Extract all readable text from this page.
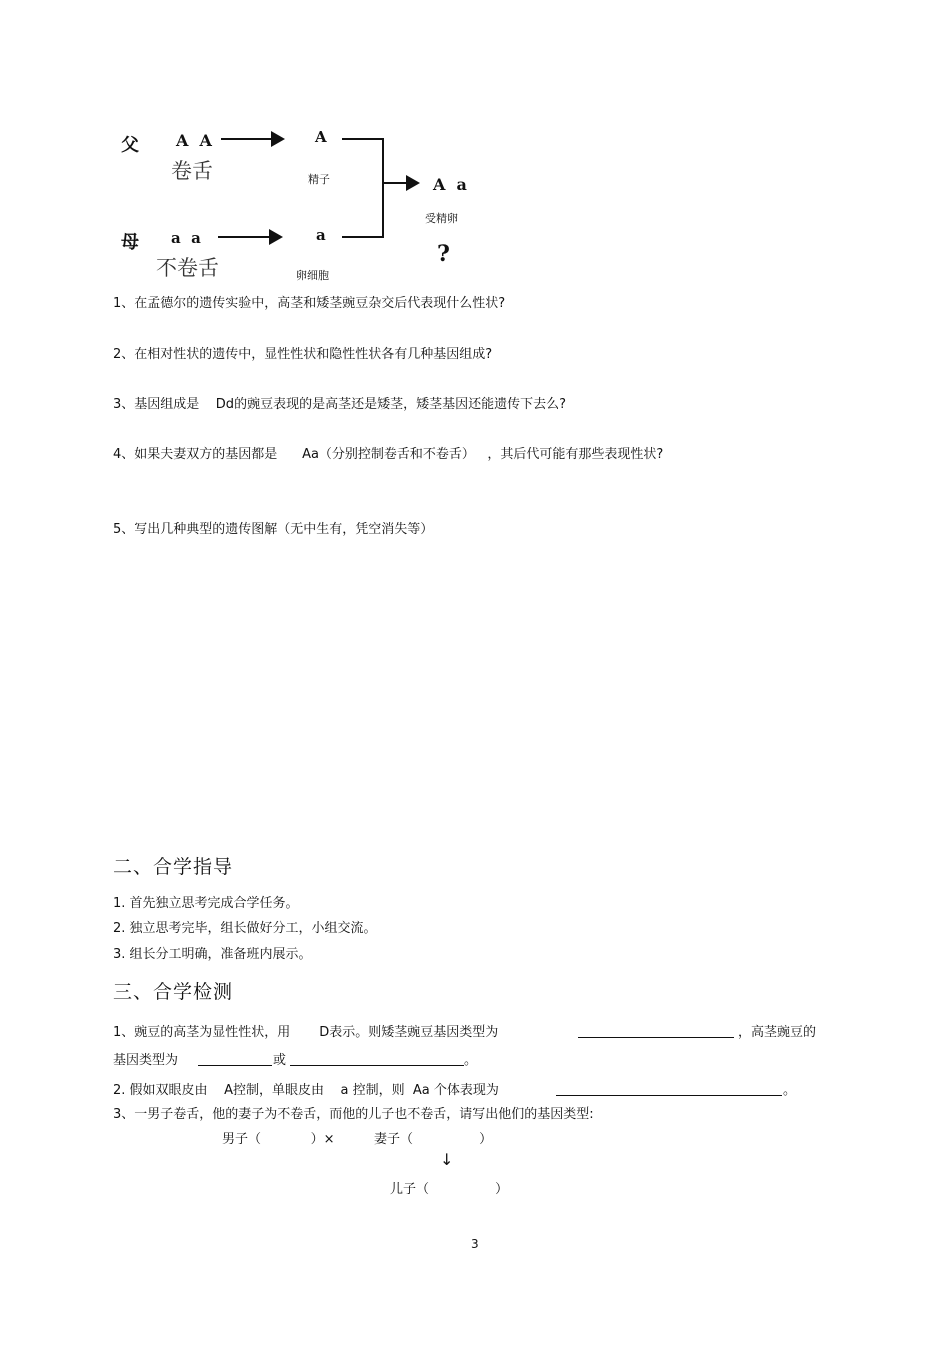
父 A  A
卷舌
母 a  a
不卷舌
A
精子
a
卵细胞
A  a
受精卵
?
1、在孟德尔的遗传实验中，高茎和矮茎豌豆杂交后代表现什么性状?
2、在相对性状的遗传中，显性性状和隐性性状各有几种基因组成?
3、基因组成是    Dd的豌豆表现的是高茎还是矮茎，矮茎基因还能遗传下去么?
4、如果夫妻双方的基因都是      Aa（分别控制卷舌和不卷舌）   ，其后代可能有那些表现性状?
5、写出几种典型的遗传图解（无中生有，凭空消失等）
二、合学指导
1. 首先独立思考完成合学任务。
2. 独立思考完毕，组长做好分工，小组交流。
3. 组长分工明确，准备班内展示。
三、合学检测
1、豌豆的高茎为显性性状，用       D表示。则矮茎豌豆基因类型为	，高茎豌豆的
基因类型为	或	。
2. 假如双眼皮由    A控制，单眼皮由    a 控制，则  Aa 个体表现为	。
3、一男子卷舌，他的妻子为不卷舌，而他的儿子也不卷舌，请写出他们的基因类型:
男子（            ）×	妻子（                ）
↓
儿子（                ）
3
